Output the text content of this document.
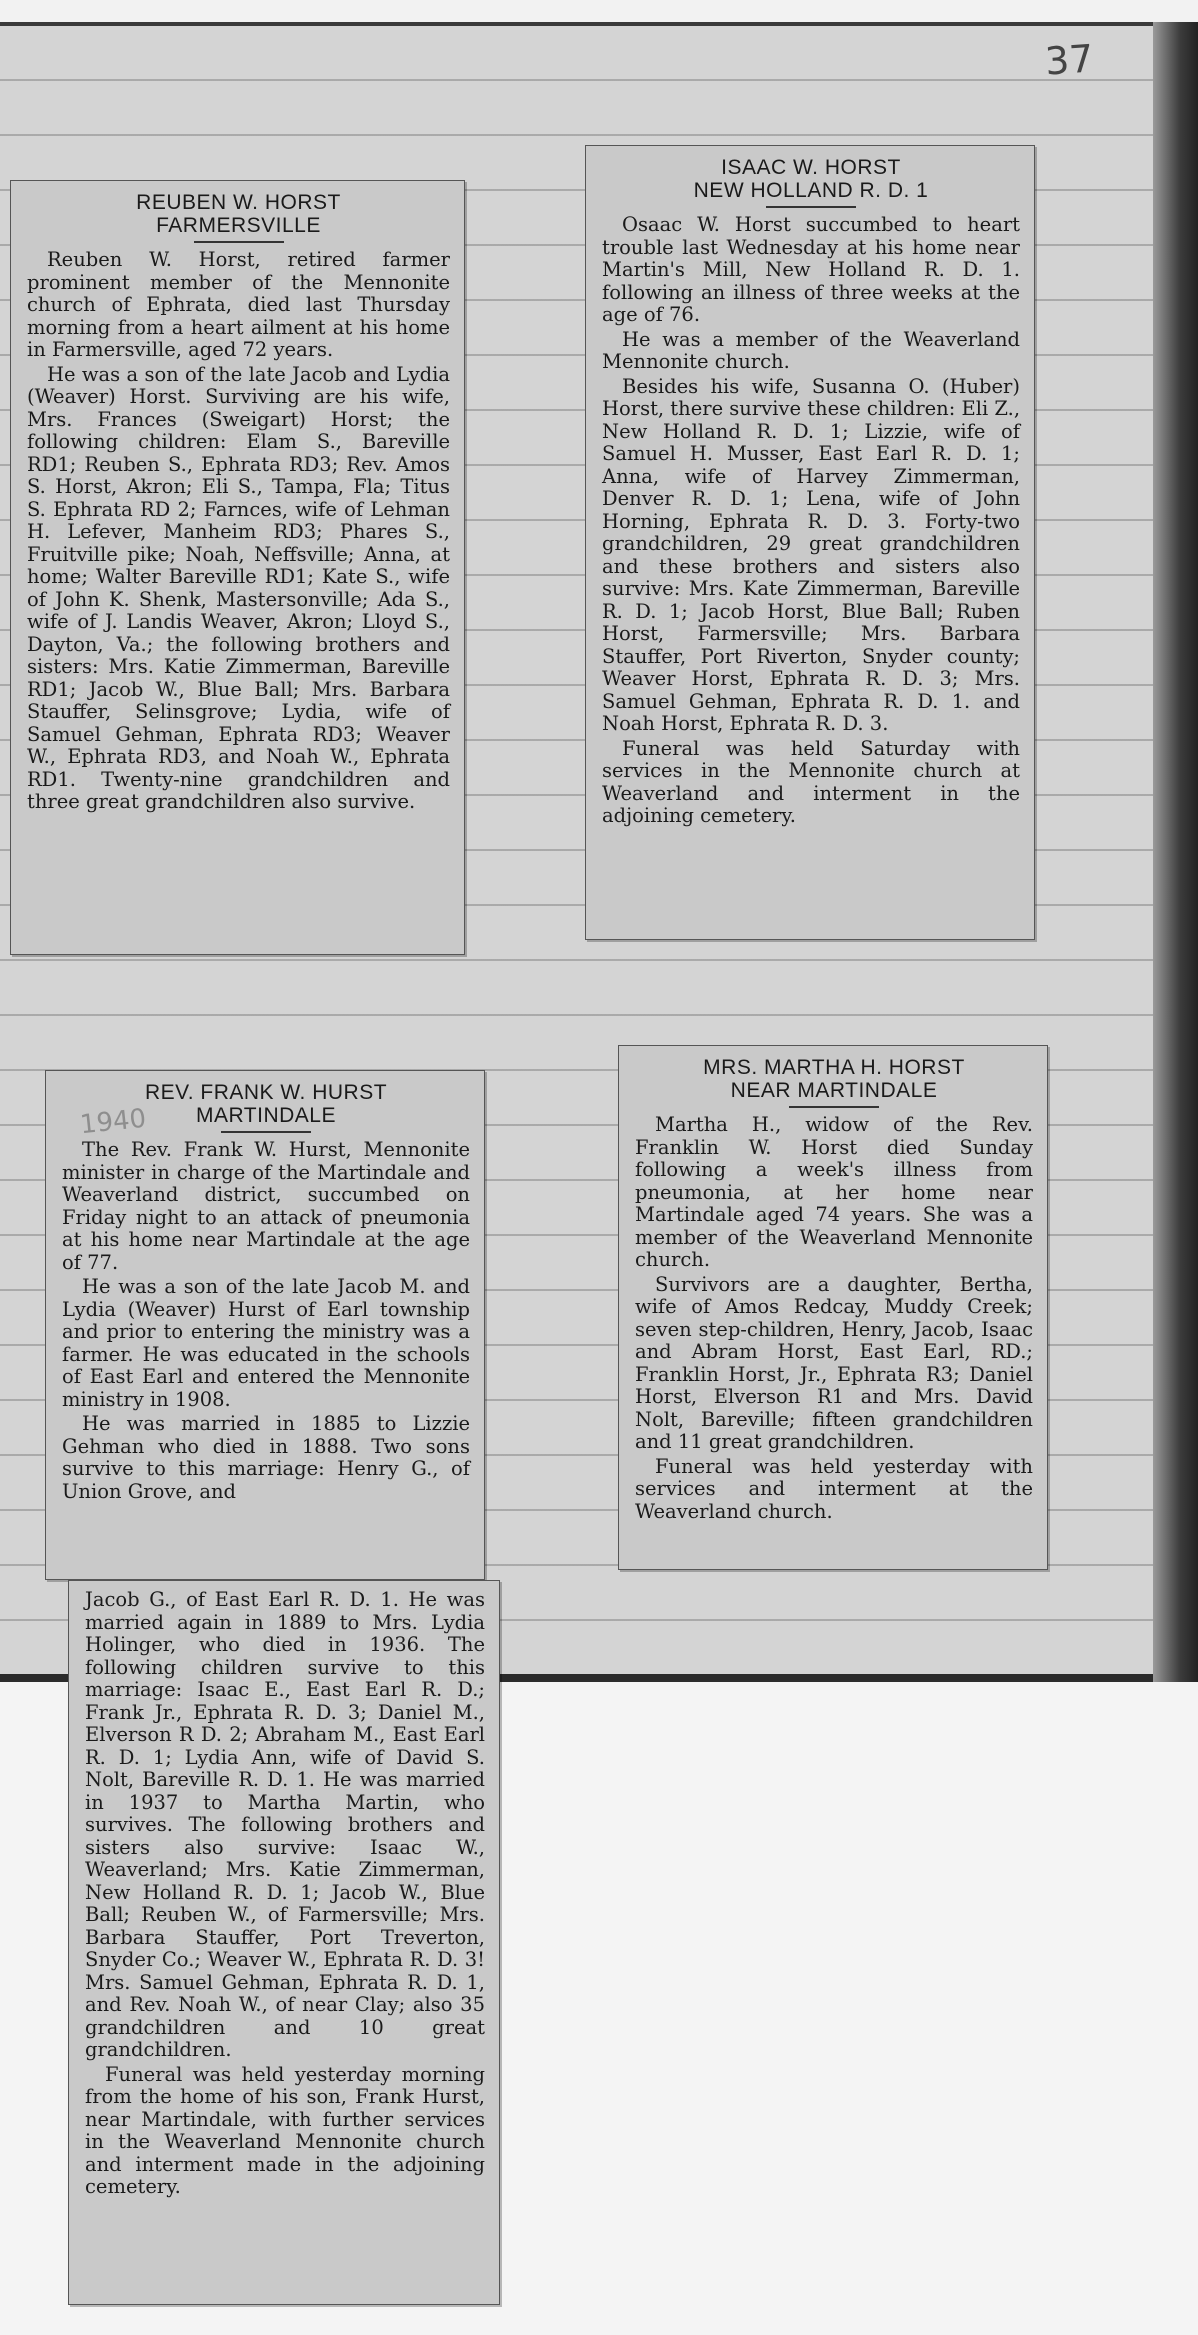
37
REUBEN W. HORST
FARMERSVILLE

Reuben W. Horst, retired farmer prominent member of the Mennonite church of Ephrata, died last Thursday morning from a heart ailment at his home in Farmersville, aged 72 years.

He was a son of the late Jacob and Lydia (Weaver) Horst. Surviving are his wife, Mrs. Frances (Sweigart) Horst; the following children: Elam S., Bareville RD1; Reuben S., Ephrata RD3; Rev. Amos S. Horst, Akron; Eli S., Tampa, Fla; Titus S. Ephrata RD 2; Farnces, wife of Lehman H. Lefever, Manheim RD3; Phares S., Fruitville pike; Noah, Neffsville; Anna, at home; Walter Bareville RD1; Kate S., wife of John K. Shenk, Mastersonville; Ada S., wife of J. Landis Weaver, Akron; Lloyd S., Dayton, Va.; the following brothers and sisters: Mrs. Katie Zimmerman, Bareville RD1; Jacob W., Blue Ball; Mrs. Barbara Stauffer, Selinsgrove; Lydia, wife of Samuel Gehman, Ephrata RD3; Weaver W., Ephrata RD3, and Noah W., Ephrata RD1. Twenty-nine grandchildren and three great grandchildren also survive.

ISAAC W. HORST
NEW HOLLAND R. D. 1

Osaac W. Horst succumbed to heart trouble last Wednesday at his home near Martin's Mill, New Holland R. D. 1. following an illness of three weeks at the age of 76.

He was a member of the Weaverland Mennonite church.

Besides his wife, Susanna O. (Huber) Horst, there survive these children: Eli Z., New Holland R. D. 1; Lizzie, wife of Samuel H. Musser, East Earl R. D. 1; Anna, wife of Harvey Zimmerman, Denver R. D. 1; Lena, wife of John Horning, Ephrata R. D. 3. Forty-two grandchildren, 29 great grandchildren and these brothers and sisters also survive: Mrs. Kate Zimmerman, Bareville R. D. 1; Jacob Horst, Blue Ball; Ruben Horst, Farmersville; Mrs. Barbara Stauffer, Port Riverton, Snyder county; Weaver Horst, Ephrata R. D. 3; Mrs. Samuel Gehman, Ephrata R. D. 1. and Noah Horst, Ephrata R. D. 3.

Funeral was held Saturday with services in the Mennonite church at Weaverland and interment in the adjoining cemetery.

1940
REV. FRANK W. HURST
MARTINDALE

The Rev. Frank W. Hurst, Mennonite minister in charge of the Martindale and Weaverland district, succumbed on Friday night to an attack of pneumonia at his home near Martindale at the age of 77.

He was a son of the late Jacob M. and Lydia (Weaver) Hurst of Earl township and prior to entering the ministry was a farmer. He was educated in the schools of East Earl and entered the Mennonite ministry in 1908.

He was married in 1885 to Lizzie Gehman who died in 1888. Two sons survive to this marriage: Henry G., of Union Grove, and

Jacob G., of East Earl R. D. 1. He was married again in 1889 to Mrs. Lydia Holinger, who died in 1936. The following children survive to this marriage: Isaac E., East Earl R. D.; Frank Jr., Ephrata R. D. 3; Daniel M., Elverson R D. 2; Abraham M., East Earl R. D. 1; Lydia Ann, wife of David S. Nolt, Bareville R. D. 1. He was married in 1937 to Martha Martin, who survives. The following brothers and sisters also survive: Isaac W., Weaverland; Mrs. Katie Zimmerman, New Holland R. D. 1; Jacob W., Blue Ball; Reuben W., of Farmersville; Mrs. Barbara Stauffer, Port Treverton, Snyder Co.; Weaver W., Ephrata R. D. 3! Mrs. Samuel Gehman, Ephrata R. D. 1, and Rev. Noah W., of near Clay; also 35 grandchildren and 10 great grandchildren.

Funeral was held yesterday morning from the home of his son, Frank Hurst, near Martindale, with further services in the Weaverland Mennonite church and interment made in the adjoining cemetery.

MRS. MARTHA H. HORST
NEAR MARTINDALE

Martha H., widow of the Rev. Franklin W. Horst died Sunday following a week's illness from pneumonia, at her home near Martindale aged 74 years. She was a member of the Weaverland Mennonite church.

Survivors are a daughter, Bertha, wife of Amos Redcay, Muddy Creek; seven step-children, Henry, Jacob, Isaac and Abram Horst, East Earl, RD.; Franklin Horst, Jr., Ephrata R3; Daniel Horst, Elverson R1 and Mrs. David Nolt, Bareville; fifteen grandchildren and 11 great grandchildren.

Funeral was held yesterday with services and interment at the Weaverland church.
